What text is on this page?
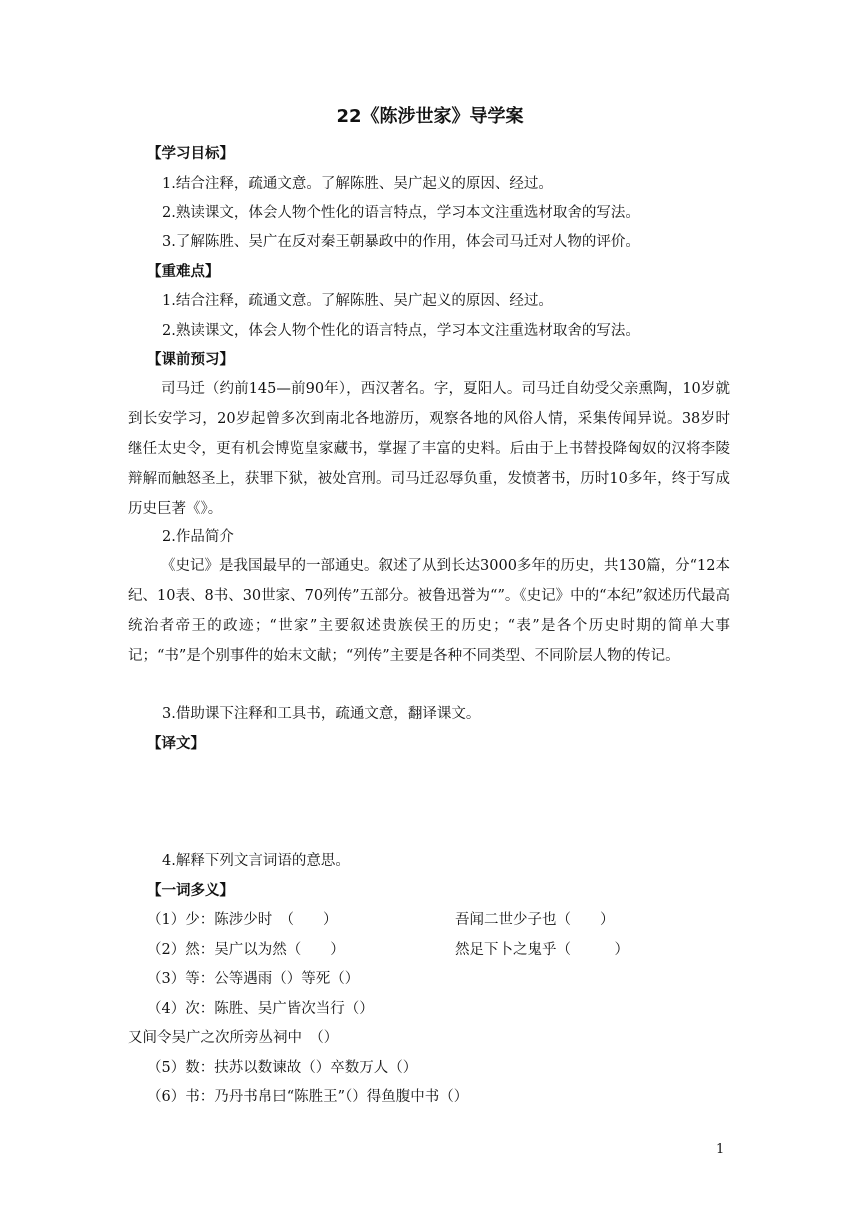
22《陈涉世家》导学案
【学习目标】
1.结合注释，疏通文意。了解陈胜、吴广起义的原因、经过。
2.熟读课文，体会人物个性化的语言特点，学习本文注重选材取舍的写法。
3.了解陈胜、吴广在反对秦王朝暴政中的作用，体会司马迁对人物的评价。
【重难点】
1.结合注释，疏通文意。了解陈胜、吴广起义的原因、经过。
2.熟读课文，体会人物个性化的语言特点，学习本文注重选材取舍的写法。
【课前预习】
司马迁（约前145—前90年），西汉著名。字，夏阳人。司马迁自幼受父亲熏陶，10岁就到长安学习，20岁起曾多次到南北各地游历，观察各地的风俗人情，采集传闻异说。38岁时继任太史令，更有机会博览皇家藏书，掌握了丰富的史料。后由于上书替投降匈奴的汉将李陵辩解而触怒圣上，获罪下狱，被处宫刑。司马迁忍辱负重，发愤著书，历时10多年，终于写成历史巨著《》。
2.作品简介
《史记》是我国最早的一部通史。叙述了从到长达3000多年的历史，共130篇，分“12本纪、10表、8书、30世家、70列传”五部分。被鲁迅誉为“”。《史记》中的“本纪”叙述历代最高统治者帝王的政迹；“世家”主要叙述贵族侯王的历史；“表”是各个历史时期的简单大事记；“书”是个别事件的始末文献；“列传”主要是各种不同类型、不同阶层人物的传记。
3.借助课下注释和工具书，疏通文意，翻译课文。
【译文】
4.解释下列文言词语的意思。
【一词多义】
（1）少：陈涉少时　（　　）	吾闻二世少子也（　　）
（2）然：吴广以为然（　　）	然足下卜之鬼乎（　　　）
（3）等：公等遇雨（）等死（）
（4）次：陈胜、吴广皆次当行（）
又间令吴广之次所旁丛祠中　（）
（5）数：扶苏以数谏故（）卒数万人（）
（6）书：乃丹书帛曰“陈胜王”（）得鱼腹中书（）
1
